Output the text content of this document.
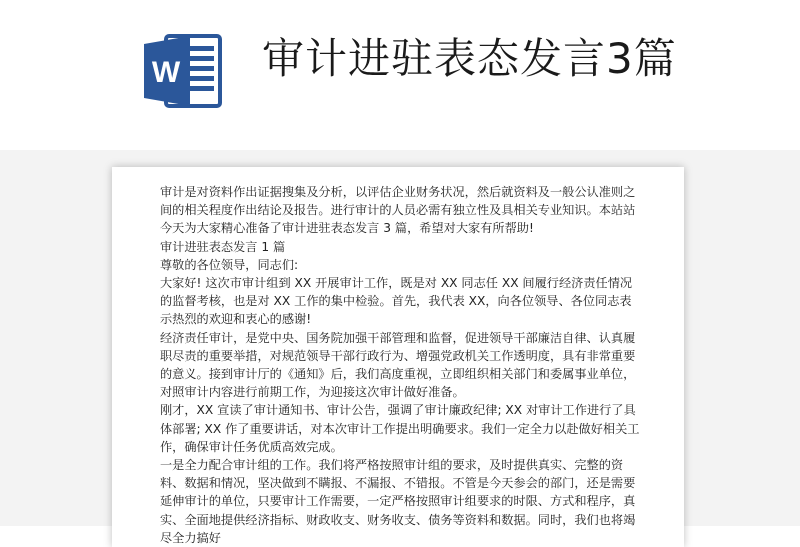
W 审计进驻表态发言3篇

审计是对资料作出证据搜集及分析，以评估企业财务状况，然后就资料及一般公认准则之间的相关程度作出结论及报告。进行审计的人员必需有独立性及具相关专业知识。本站站今天为大家精心准备了审计进驻表态发言 3 篇，希望对大家有所帮助!

审计进驻表态发言 1 篇

尊敬的各位领导，同志们:

大家好! 这次市审计组到 XX 开展审计工作，既是对 XX 同志任 XX 间履行经济责任情况的监督考核，也是对 XX 工作的集中检验。首先，我代表 XX，向各位领导、各位同志表示热烈的欢迎和衷心的感谢!

经济责任审计，是党中央、国务院加强干部管理和监督，促进领导干部廉洁自律、认真履职尽责的重要举措，对规范领导干部行政行为、增强党政机关工作透明度，具有非常重要的意义。接到审计厅的《通知》后，我们高度重视，立即组织相关部门和委属事业单位，对照审计内容进行前期工作，为迎接这次审计做好准备。

刚才，XX 宣读了审计通知书、审计公告，强调了审计廉政纪律; XX 对审计工作进行了具体部署; XX 作了重要讲话，对本次审计工作提出明确要求。我们一定全力以赴做好相关工作，确保审计任务优质高效完成。

一是全力配合审计组的工作。我们将严格按照审计组的要求，及时提供真实、完整的资料、数据和情况，坚决做到不瞒报、不漏报、不错报。不管是今天参会的部门，还是需要延伸审计的单位，只要审计工作需要，一定严格按照审计组要求的时限、方式和程序，真实、全面地提供经济指标、财政收支、财务收支、债务等资料和数据。同时，我们也将竭尽全力搞好
